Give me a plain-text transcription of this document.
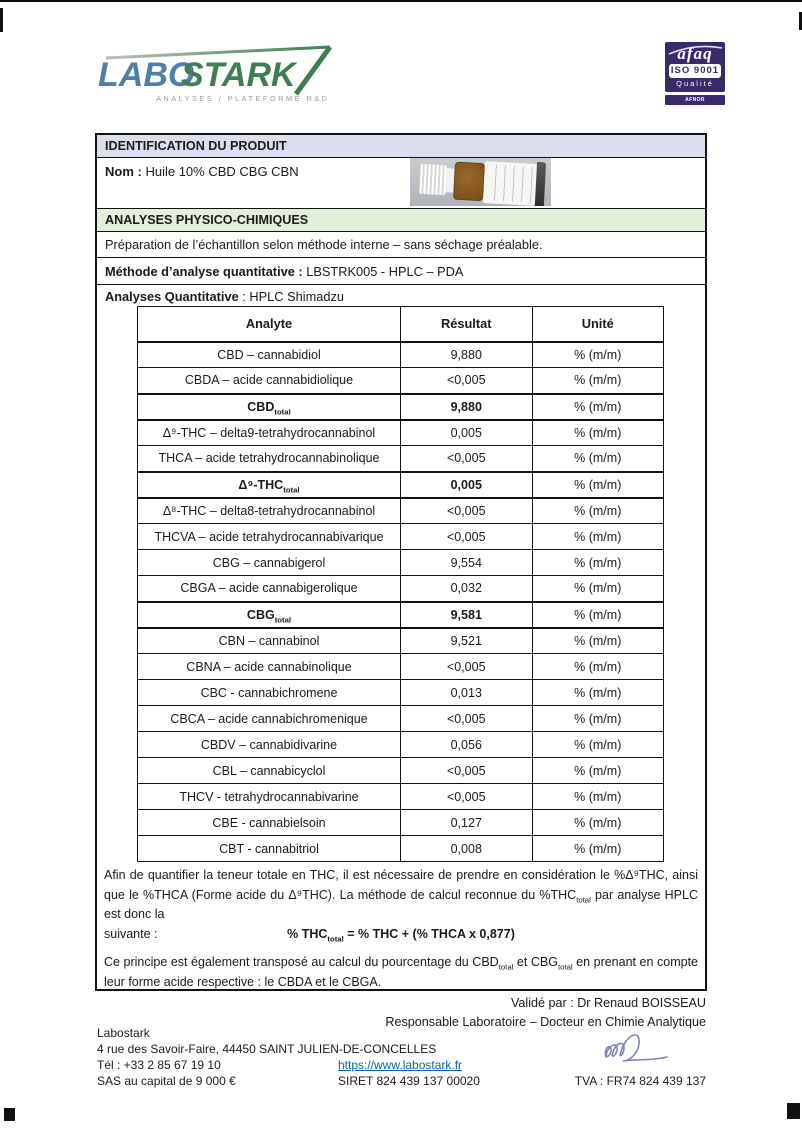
LABO
STARK
ANALYSES / PLATEFORME R&D
afaq
ISO 9001
Qualité
AFNOR CERTIFICATION
IDENTIFICATION DU PRODUIT
Nom : Huile 10% CBD CBG CBN
ANALYSES PHYSICO-CHIMIQUES
Préparation de l’échantillon selon méthode interne – sans séchage préalable.
Méthode d’analyse quantitative : LBSTRK005 - HPLC – PDA
Analyses Quantitative : HPLC Shimadzu
Analyte	Résultat	Unité
CBD – cannabidiol	9,880	% (m/m)
CBDA – acide cannabidiolique	<0,005	% (m/m)
$CBD_{total}$	9,880	% (m/m)
Δ⁹-THC – delta9-tetrahydrocannabinol	0,005	% (m/m)
THCA – acide tetrahydrocannabinolique	<0,005	% (m/m)
$\Delta^9-THC_{total}$	0,005	% (m/m)
Δ⁸-THC – delta8-tetrahydrocannabinol	<0,005	% (m/m)
THCVA – acide tetrahydrocannabivarique	<0,005	% (m/m)
CBG – cannabigerol	9,554	% (m/m)
CBGA – acide cannabigerolique	0,032	% (m/m)
$CBG_{total}$	9,581	% (m/m)
CBN – cannabinol	9,521	% (m/m)
CBNA – acide cannabinolique	<0,005	% (m/m)
CBC - cannabichromene	0,013	% (m/m)
CBCA – acide cannabichromenique	<0,005	% (m/m)
CBDV – cannabidivarine	0,056	% (m/m)
CBL – cannabicyclol	<0,005	% (m/m)
THCV - tetrahydrocannabivarine	<0,005	% (m/m)
CBE - cannabielsoin	0,127	% (m/m)
CBT - cannabitriol	0,008	% (m/m)
Afin de quantifier la teneur totale en THC, il est nécessaire de prendre en considération le %Δ⁹THC, ainsi que le %THCA (Forme acide du Δ⁹THC). La méthode de calcul reconnue du $\%THC_{total}$ par analyse HPLC est donc la
suivante :	% $THC_{total}$ = % THC + (% THCA x 0,877)
Ce principe est également transposé au calcul du pourcentage du $CBD_{total}$ et $CBG_{total}$ en prenant en compte leur forme acide respective : le CBDA et le CBGA.
Validé par : Dr Renaud BOISSEAU
Responsable Laboratoire – Docteur en Chimie Analytique
Labostark
4 rue des Savoir-Faire, 44450 SAINT JULIEN-DE-CONCELLES
Tél : +33 2 85 67 19 10
SAS au capital de 9 000 €
https://www.labostark.fr
SIRET 824 439 137 00020	TVA : FR74 824 439 137
